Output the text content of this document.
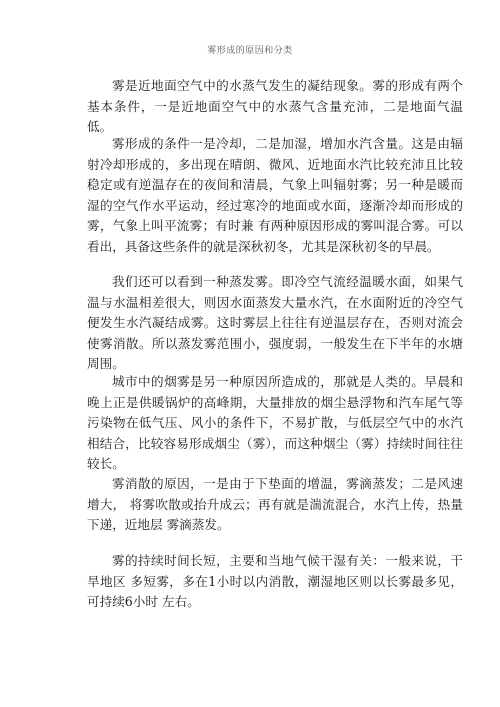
雾形成的原因和分类

雾是近地面空气中的水蒸气发生的凝结现象。雾的形成有两个基本条件，一是近地面空气中的水蒸气含量充沛，二是地面气温低。

雾形成的条件一是冷却，二是加湿，增加水汽含量。这是由辐射冷却形成的，多出现在晴朗、微风、近地面水汽比较充沛且比较稳定或有逆温存在的夜间和清晨，气象上叫辐射雾；另一种是暖而湿的空气作水平运动，经过寒冷的地面或水面，逐渐冷却而形成的雾，气象上叫平流雾；有时兼 有两种原因形成的雾叫混合雾。可以看出，具备这些条件的就是深秋初冬，尤其是深秋初冬的早晨。

我们还可以看到一种蒸发雾。即冷空气流经温暖水面，如果气温与水温相差很大，则因水面蒸发大量水汽，在水面附近的冷空气便发生水汽凝结成雾。这时雾层上往往有逆温层存在，否则对流会使雾消散。所以蒸发雾范围小，强度弱，一般发生在下半年的水塘周围。

城市中的烟雾是另一种原因所造成的，那就是人类的。早晨和晚上正是供暖锅炉的高峰期，大量排放的烟尘悬浮物和汽车尾气等污染物在低气压、风小的条件下，不易扩散，与低层空气中的水汽相结合，比较容易形成烟尘（雾），而这种烟尘（雾）持续时间往往较长。

雾消散的原因，一是由于下垫面的增温，雾滴蒸发；二是风速增大， 将雾吹散或抬升成云；再有就是湍流混合，水汽上传，热量下递，近地层 雾滴蒸发。

雾的持续时间长短，主要和当地气候干湿有关：一般来说，干旱地区 多短雾，多在1小时以内消散，潮湿地区则以长雾最多见，可持续6小时 左右。
